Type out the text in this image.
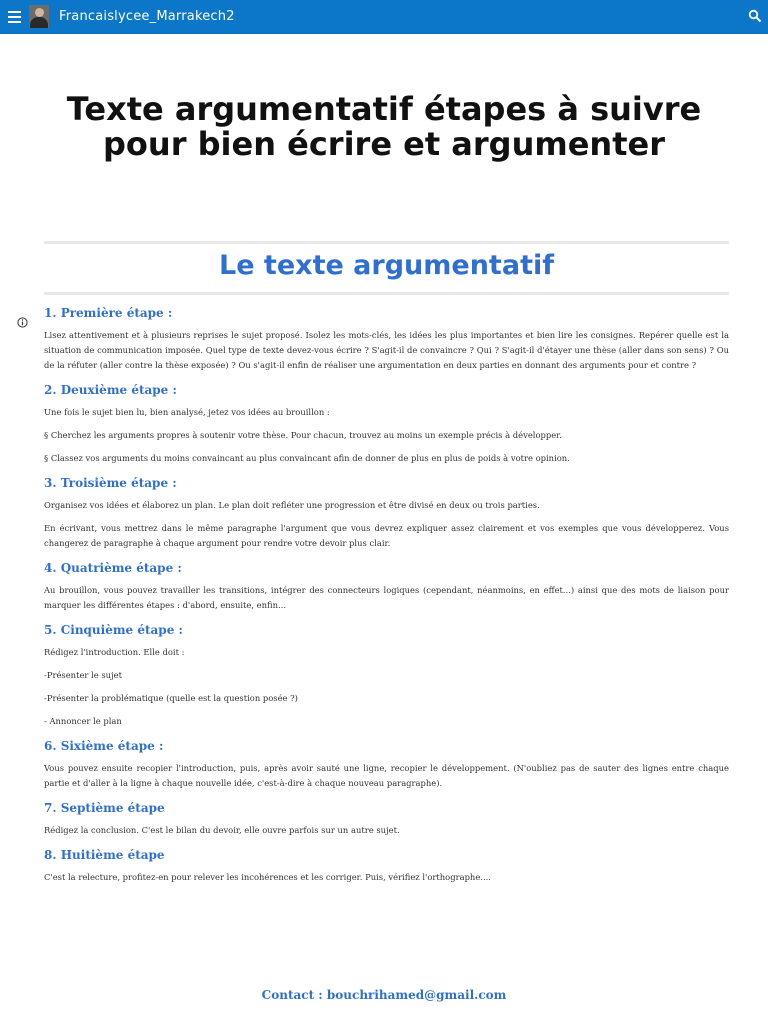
Francaislycee_Marrakech2
Texte argumentatif étapes à suivre
pour bien écrire et argumenter
Le texte argumentatif
1. Première étape :

Lisez attentivement et à plusieurs reprises le sujet proposé. Isolez les mots-clés, les idées les plus importantes et bien lire les consignes. Repérer quelle est la situation de communication imposée. Quel type de texte devez-vous écrire ? S'agit-il de convaincre ? Qui ? S'agit-il d'étayer une thèse (aller dans son sens) ? Ou de la réfuter (aller contre la thèse exposée) ? Ou s'agit-il enfin de réaliser une argumentation en deux parties en donnant des arguments pour et contre ?

2. Deuxième étape :

Une fois le sujet bien lu, bien analysé, jetez vos idées au brouillon :

§ Cherchez les arguments propres à soutenir votre thèse. Pour chacun, trouvez au moins un exemple précis à développer.

§ Classez vos arguments du moins convaincant au plus convaincant afin de donner de plus en plus de poids à votre opinion.

3. Troisième étape :

Organisez vos idées et élaborez un plan. Le plan doit refléter une progression et être divisé en deux ou trois parties.

En écrivant, vous mettrez dans le même paragraphe l'argument que vous devrez expliquer assez clairement et vos exemples que vous développerez. Vous changerez de paragraphe à chaque argument pour rendre votre devoir plus clair.

4. Quatrième étape :

Au brouillon, vous pouvez travailler les transitions, intégrer des connecteurs logiques (cependant, néanmoins, en effet...) ainsi que des mots de liaison pour marquer les différentes étapes : d'abord, ensuite, enfin...

5. Cinquième étape :

Rédigez l'introduction. Elle doit :

-Présenter le sujet

-Présenter la problématique (quelle est la question posée ?)

- Annoncer le plan

6. Sixième étape :

Vous pouvez ensuite recopier l'introduction, puis, après avoir sauté une ligne, recopier le développement. (N'oubliez pas de sauter des lignes entre chaque partie et d'aller à la ligne à chaque nouvelle idée, c'est-à-dire à chaque nouveau paragraphe).

7. Septième étape

Rédigez la conclusion. C'est le bilan du devoir, elle ouvre parfois sur un autre sujet.

8. Huitième étape

C'est la relecture, profitez-en pour relever les incohérences et les corriger. Puis, vérifiez l'orthographe....

Contact : bouchrihamed@gmail.com
